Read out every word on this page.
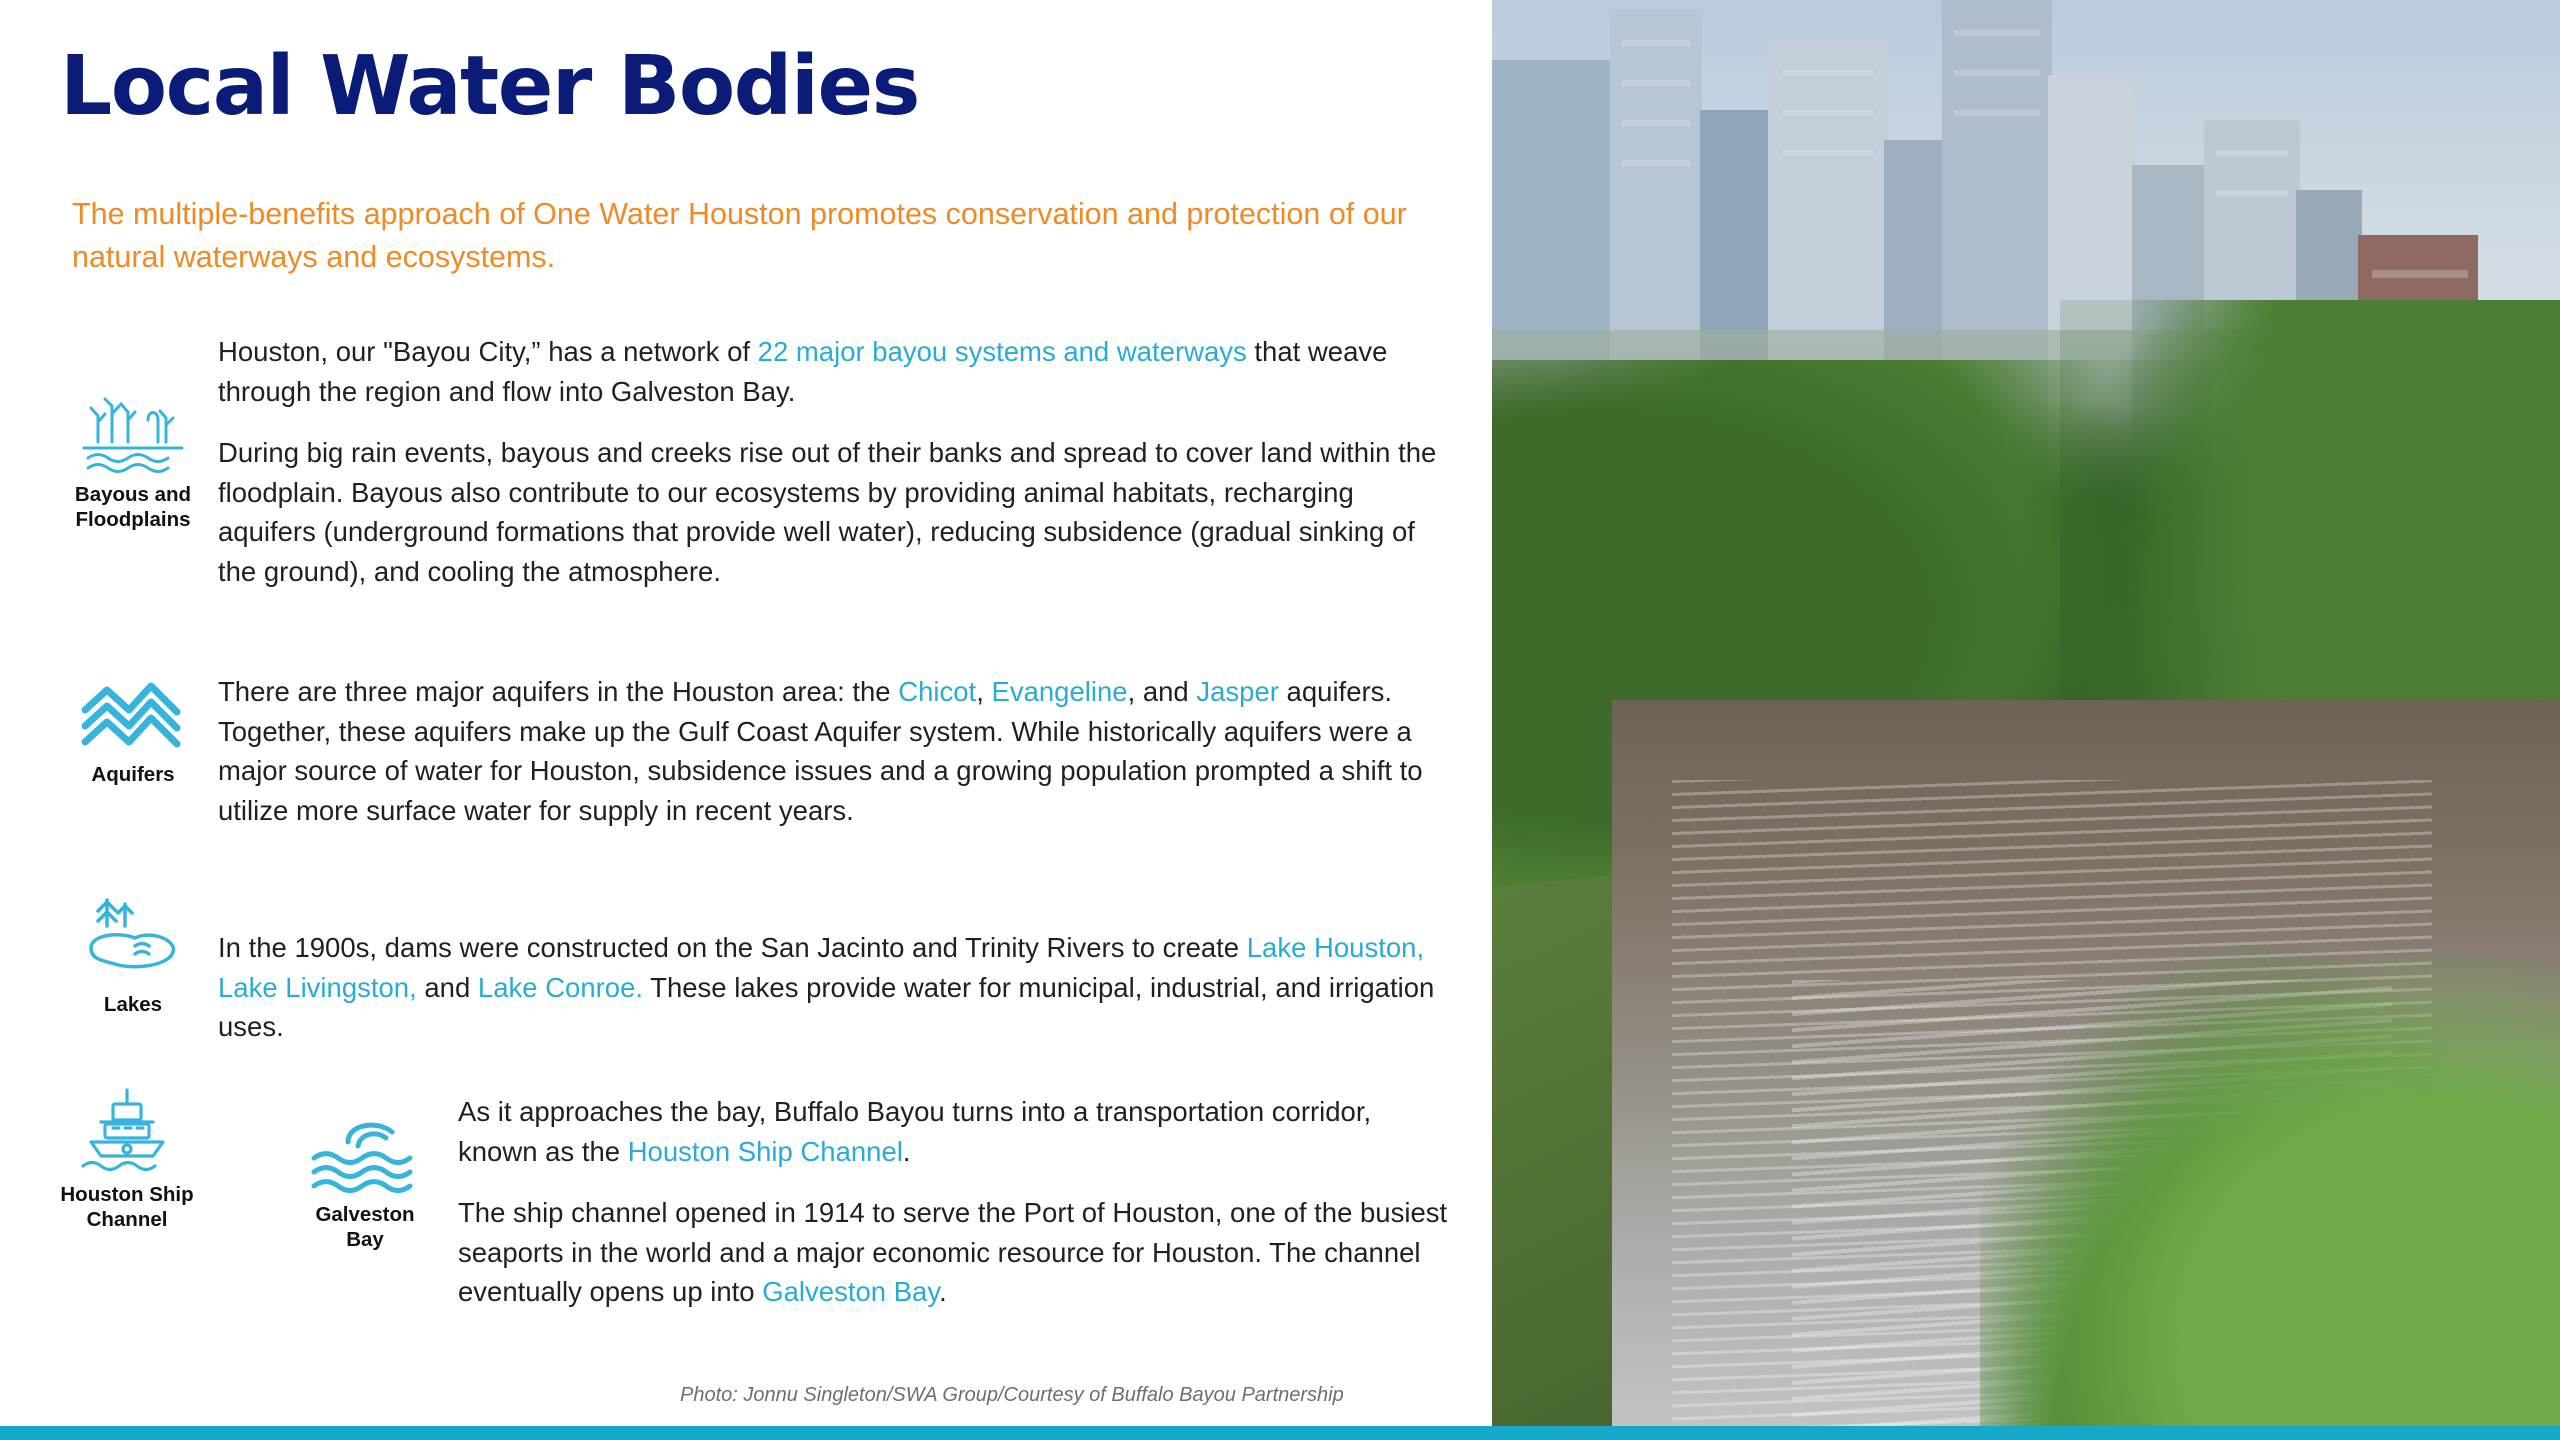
Local Water Bodies
The multiple-benefits approach of One Water Houston promotes conservation and protection of our natural waterways and ecosystems.
Bayous and
Floodplains

Houston, our "Bayou City,” has a network of 22 major bayou systems and waterways that weave through the region and flow into Galveston Bay.

During big rain events, bayous and creeks rise out of their banks and spread to cover land within the floodplain. Bayous also contribute to our ecosystems by providing animal habitats, recharging aquifers (underground formations that provide well water), reducing subsidence (gradual sinking of the ground), and cooling the atmosphere.

Aquifers

There are three major aquifers in the Houston area: the Chicot, Evangeline, and Jasper aquifers. Together, these aquifers make up the Gulf Coast Aquifer system. While historically aquifers were a major source of water for Houston, subsidence issues and a growing population prompted a shift to utilize more surface water for supply in recent years.

Lakes

In the 1900s, dams were constructed on the San Jacinto and Trinity Rivers to create Lake Houston, Lake Livingston, and Lake Conroe. These lakes provide water for municipal, industrial, and irrigation uses.

Houston Ship
Channel	Galveston
Bay

As it approaches the bay, Buffalo Bayou turns into a transportation corridor, known as the Houston Ship Channel.

The ship channel opened in 1914 to serve the Port of Houston, one of the busiest seaports in the world and a major economic resource for Houston. The channel eventually opens up into Galveston Bay.

Photo: Jonnu Singleton/SWA Group/Courtesy of Buffalo Bayou Partnership
